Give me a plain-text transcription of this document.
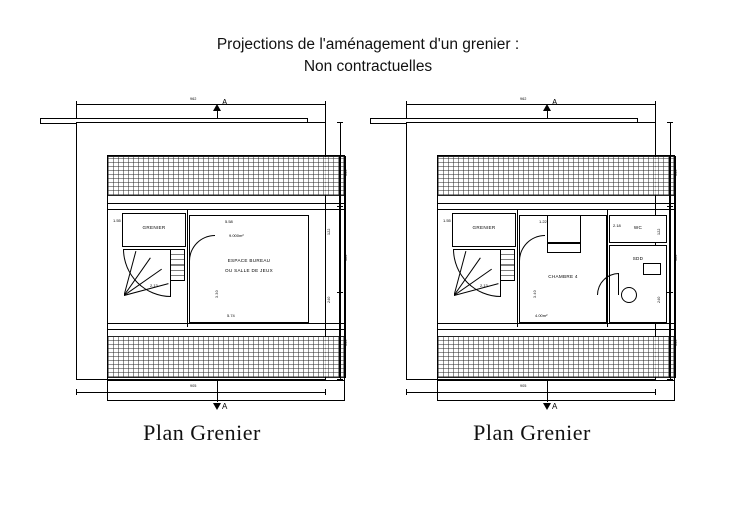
Projections de l'aménagement d'un grenier :
Non contractuelles
962	A
GRENIER
1.55
ESPACE BUREAU
OU SALLE DE JEUX
5.58
9.000m²
5.74
3.30
2.13
122
240
355
320
355
905
A
962	A
GRENIER
1.55
CHAMBRE 4
1.22
4.00m²
3.40
WC
SDD
2.18
2.13
122
240
355
320
355
905
A
Plan Grenier	Plan Grenier
